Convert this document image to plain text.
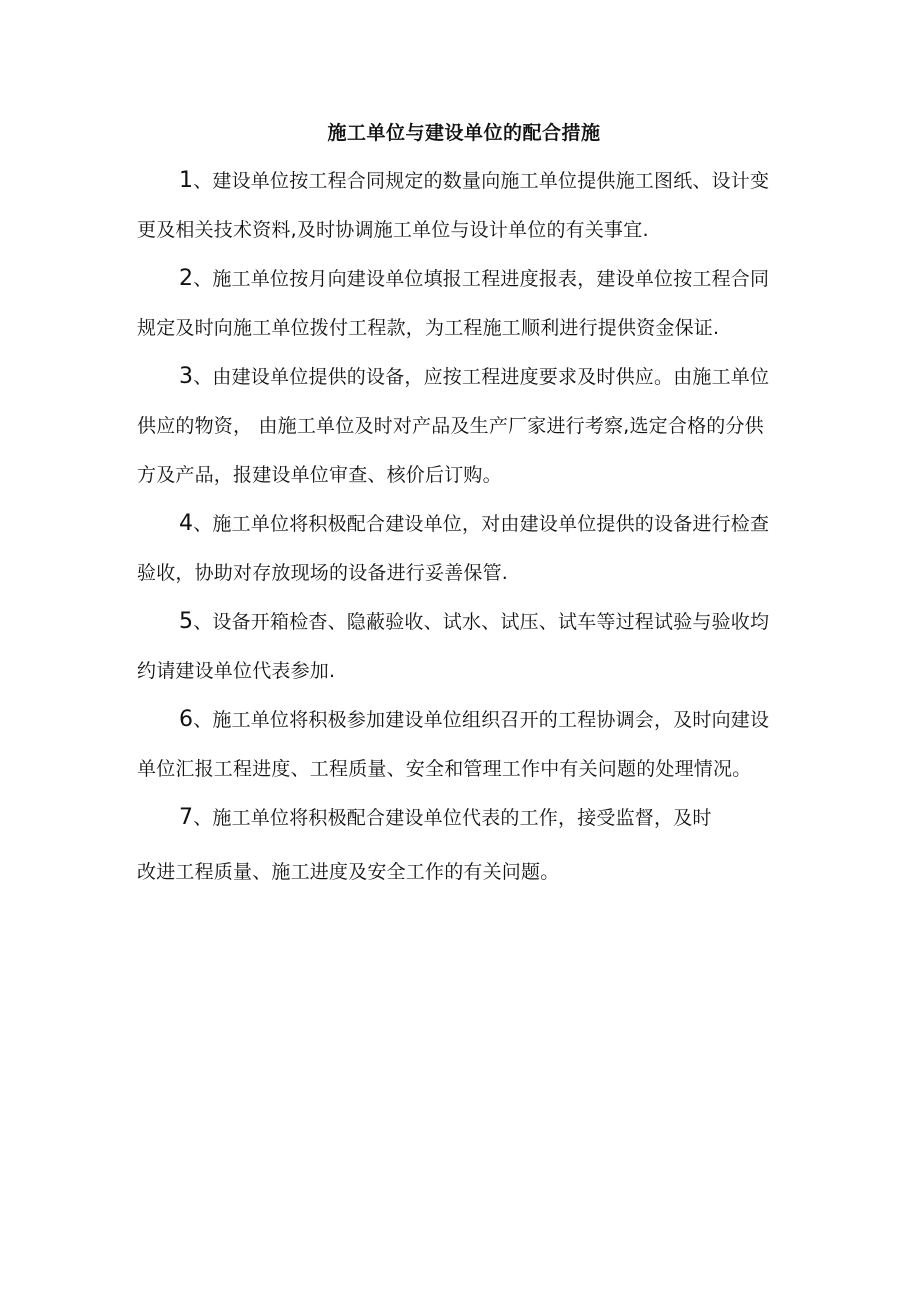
施工单位与建设单位的配合措施
1、建设单位按工程合同规定的数量向施工单位提供施工图纸、设计变
更及相关技术资料,及时协调施工单位与设计单位的有关事宜.
2、施工单位按月向建设单位填报工程进度报表，建设单位按工程合同
规定及时向施工单位拨付工程款，为工程施工顺利进行提供资金保证.
3、由建设单位提供的设备，应按工程进度要求及时供应。由施工单位
供应的物资， 由施工单位及时对产品及生产厂家进行考察,选定合格的分供
方及产品，报建设单位审查、核价后订购。
4、施工单位将积极配合建设单位，对由建设单位提供的设备进行检查
验收，协助对存放现场的设备进行妥善保管.
5、设备开箱检杳、隐蔽验收、试水、试压、试车等过程试验与验收均
约请建设单位代表参加.
6、施工单位将积极参加建设单位组织召开的工程协调会，及时向建设
单位汇报工程进度、工程质量、安全和管理工作中有关问题的处理情况。
7、施工单位将积极配合建设单位代表的工作，接受监督，及时
改进工程质量、施工进度及安全工作的有关问题。
